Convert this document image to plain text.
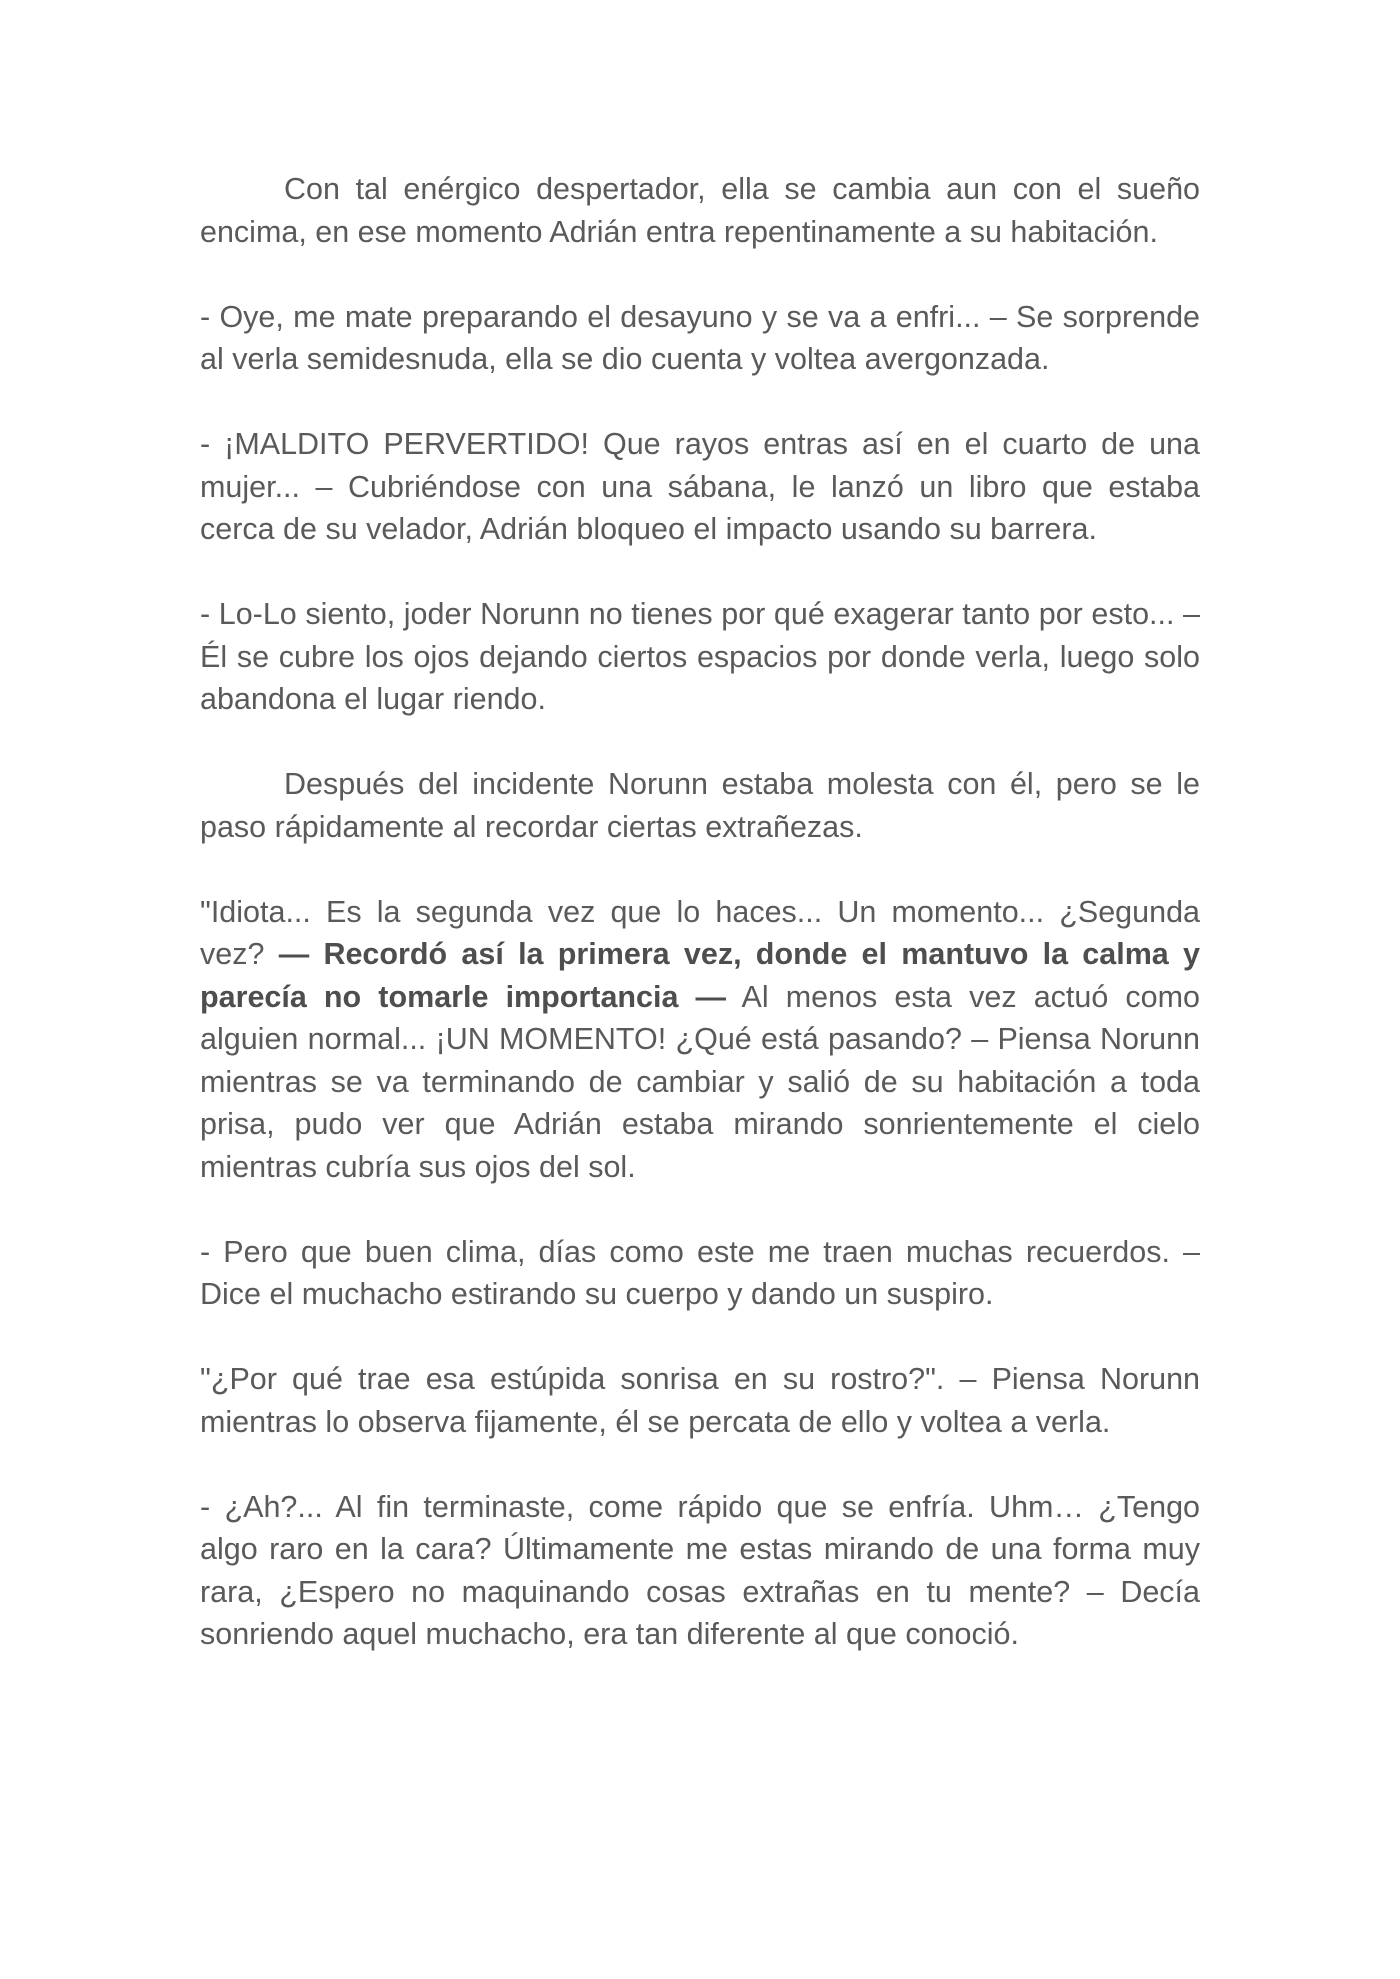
Con tal enérgico despertador, ella se cambia aun con el sueño encima, en ese momento Adrián entra repentinamente a su habitación.

- Oye, me mate preparando el desayuno y se va a enfri... – Se sorprende al verla semidesnuda, ella se dio cuenta y voltea avergonzada.

- ¡MALDITO PERVERTIDO! Que rayos entras así en el cuarto de una mujer... – Cubriéndose con una sábana, le lanzó un libro que estaba cerca de su velador, Adrián bloqueo el impacto usando su barrera.

- Lo-Lo siento, joder Norunn no tienes por qué exagerar tanto por esto... – Él se cubre los ojos dejando ciertos espacios por donde verla, luego solo abandona el lugar riendo.

Después del incidente Norunn estaba molesta con él, pero se le paso rápidamente al recordar ciertas extrañezas.

"Idiota... Es la segunda vez que lo haces... Un momento... ¿Segunda vez? — Recordó así la primera vez, donde el mantuvo la calma y parecía no tomarle importancia — Al menos esta vez actuó como alguien normal... ¡UN MOMENTO! ¿Qué está pasando? – Piensa Norunn mientras se va terminando de cambiar y salió de su habitación a toda prisa, pudo ver que Adrián estaba mirando sonrientemente el cielo mientras cubría sus ojos del sol.

- Pero que buen clima, días como este me traen muchas recuerdos. – Dice el muchacho estirando su cuerpo y dando un suspiro.

"¿Por qué trae esa estúpida sonrisa en su rostro?". – Piensa Norunn mientras lo observa fijamente, él se percata de ello y voltea a verla.

- ¿Ah?... Al fin terminaste, come rápido que se enfría. Uhm… ¿Tengo algo raro en la cara? Últimamente me estas mirando de una forma muy rara, ¿Espero no maquinando cosas extrañas en tu mente? – Decía sonriendo aquel muchacho, era tan diferente al que conoció.
